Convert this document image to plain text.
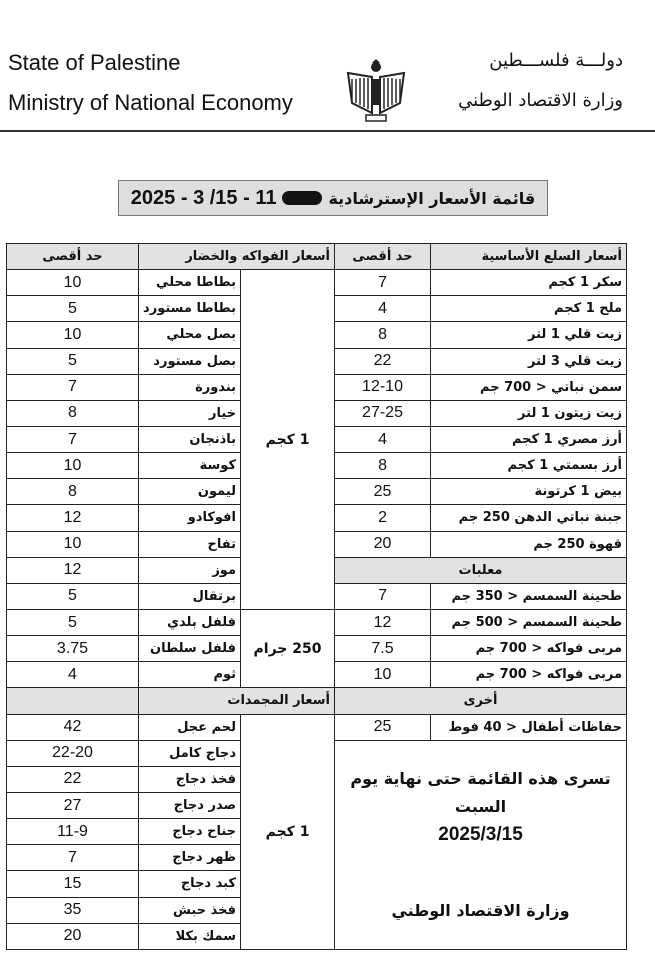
State of Palestine
Ministry of National Economy
دولـــة فلســـطين
وزارة الاقتصاد الوطني
قائمة الأسعار الإسترشادية
2025 - 3 /15 - 11
أسعار السلع الأساسية	حد أقصى	أسعار الفواكه والخضار		حد أقصى
سكر 1 كجم	7	1 كجم	بطاطا محلي	10
ملح 1 كجم	4		بطاطا مستورد	5
زيت قلي 1 لتر	8		بصل محلي	10
زيت قلي 3 لتر	22		بصل مستورد	5
سمن نباتي < 700 جم	12-10		بندورة	7
زيت زيتون 1 لتر	27-25		خيار	8
أرز مصري 1 كجم	4		باذنجان	7
أرز بسمتي 1 كجم	8		كوسة	10
بيض 1 كرتونة	25		ليمون	8
جبنة نباتي الدهن 250 جم	2		افوكادو	12
قهوة 250 جم	20		تفاح	10
معلبات			موز	12
طحينة السمسم < 350 جم	7		برتقال	5
طحينة السمسم < 500 جم	12	250 جرام	فلفل بلدي	5
مربى فواكه < 700 جم	7.5		فلفل سلطان	3.75
مربى فواكه < 700 جم	10		ثوم	4
أخرى		أسعار المجمدات		
حفاظات أطفال < 40 فوط	25	1 كجم	لحم عجل	42
تسرى هذه القائمة حتى نهاية يوم السبت
2025/3/15
وزارة الاقتصاد الوطني			دجاج كامل	22-20
			فخذ دجاج	22
			صدر دجاج	27
			جناح دجاج	11-9
			ظهر دجاج	7
			كبد دجاج	15
			فخذ حبش	35
			سمك بكلا	20
